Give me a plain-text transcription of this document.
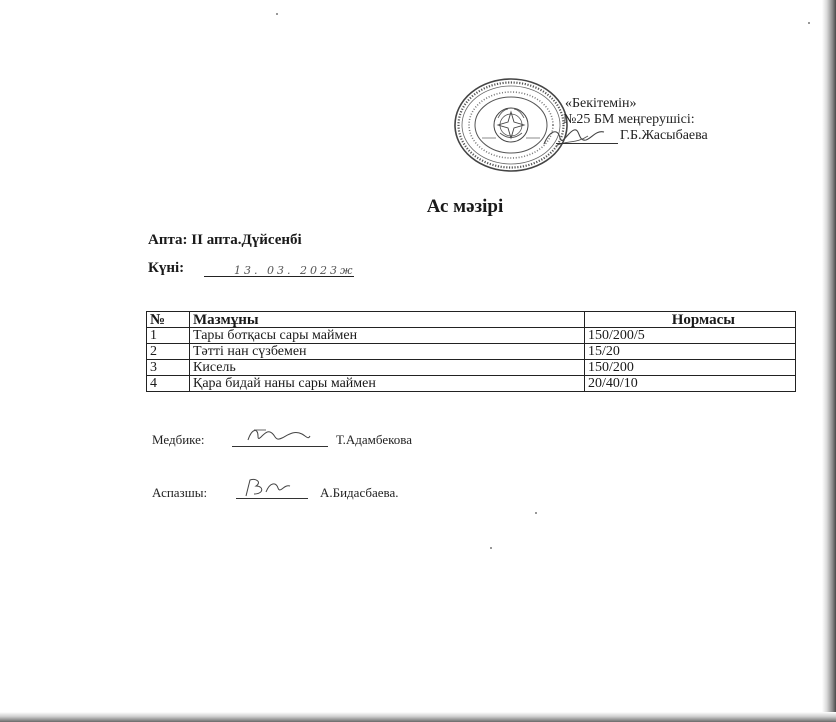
«Бекітемін»
№25 БМ меңгерушісі:
Г.Б.Жасыбаева
Ас мәзірі
Апта: II апта.Дүйсенбі
Күні:	13. 03. 2023ж
№	Мазмұны	Нормасы
1	Тары ботқасы сары маймен	150/200/5
2	Тәтті нан сүзбемен	15/20
3	Кисель	150/200
4	Қара бидай наны сары маймен	20/40/10
Медбике:	Т.Адамбекова
Аспазшы:	А.Бидасбаева.
